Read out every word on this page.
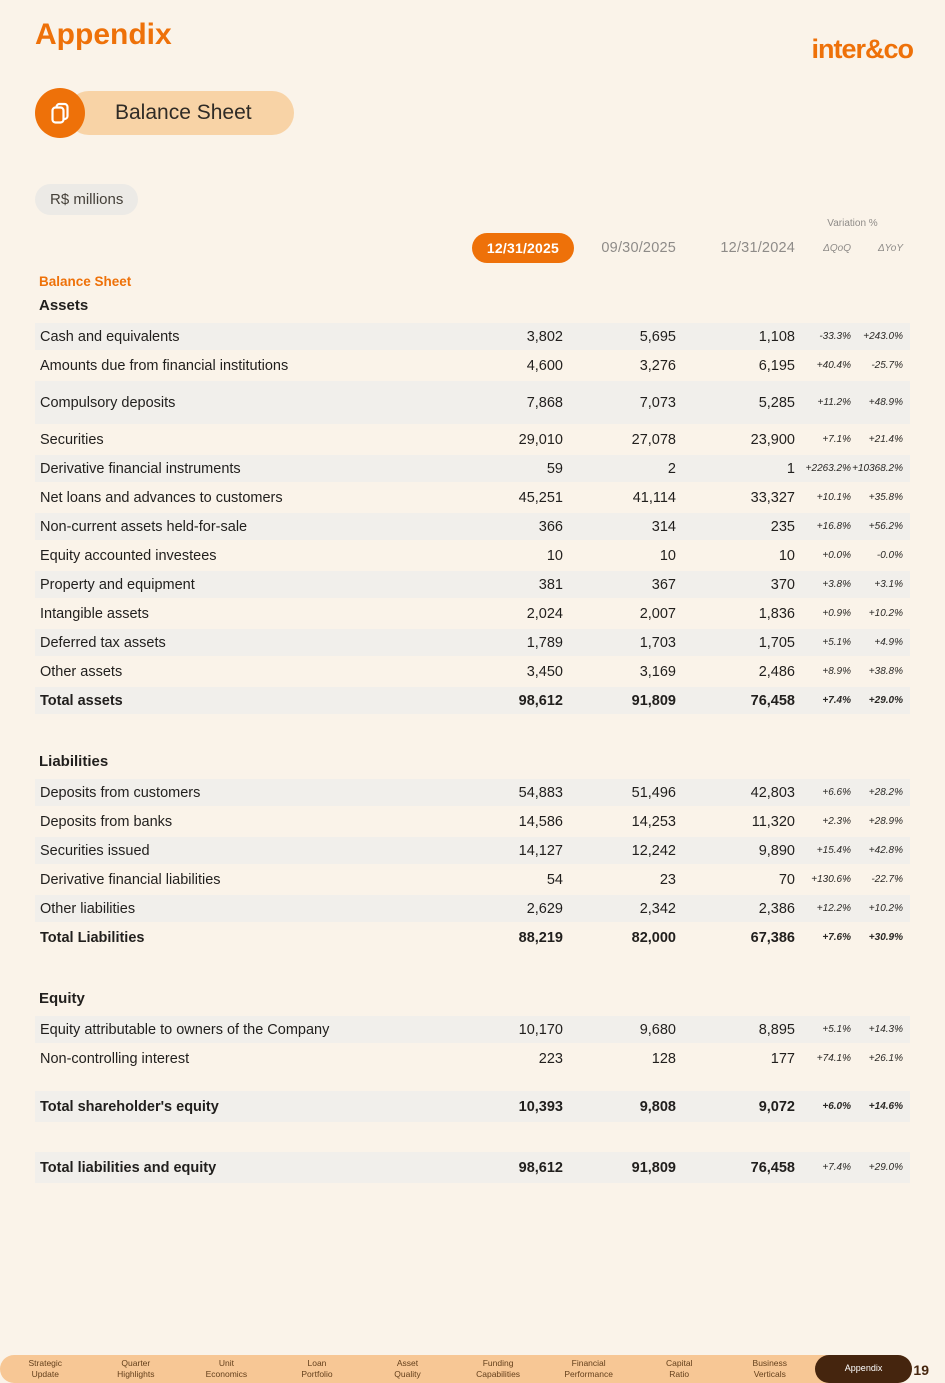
Appendix	inter&co
Balance Sheet
R$ millions
Variation %
12/31/2025	09/30/2025	12/31/2024	ΔQoQ	ΔYoY
Balance Sheet
Assets
Cash and equivalents	3,802	5,695	1,108	-33.3%	+243.0%
Amounts due from financial institutions	4,600	3,276	6,195	+40.4%	-25.7%
Compulsory deposits	7,868	7,073	5,285	+11.2%	+48.9%
Securities	29,010	27,078	23,900	+7.1%	+21.4%
Derivative financial instruments	59	2	1	+2263.2% +10368.2%
Net loans and advances to customers	45,251	41,114	33,327	+10.1%	+35.8%
Non-current assets held-for-sale	366	314	235	+16.8%	+56.2%
Equity accounted investees	10	10	10	+0.0%	-0.0%
Property and equipment	381	367	370	+3.8%	+3.1%
Intangible assets	2,024	2,007	1,836	+0.9%	+10.2%
Deferred tax assets	1,789	1,703	1,705	+5.1%	+4.9%
Other assets	3,450	3,169	2,486	+8.9%	+38.8%
Total assets	98,612	91,809	76,458	+7.4%	+29.0%
Liabilities
Deposits from customers	54,883	51,496	42,803	+6.6%	+28.2%
Deposits from banks	14,586	14,253	11,320	+2.3%	+28.9%
Securities issued	14,127	12,242	9,890	+15.4%	+42.8%
Derivative financial liabilities	54	23	70	+130.6%	-22.7%
Other liabilities	2,629	2,342	2,386	+12.2%	+10.2%
Total Liabilities	88,219	82,000	67,386	+7.6%	+30.9%
Equity
Equity attributable to owners of the Company	10,170	9,680	8,895	+5.1%	+14.3%
Non-controlling interest	223	128	177	+74.1%	+26.1%
Total shareholder's equity	10,393	9,808	9,072	+6.0%	+14.6%
Total liabilities and equity	98,612	91,809	76,458	+7.4%	+29.0%
Strategic
Update
Quarter
Highlights
Unit
Economics
Loan
Portfolio
Asset
Quality
Funding
Capabilities
Financial
Performance
Capital
Ratio
Business
Verticals
Appendix 19
